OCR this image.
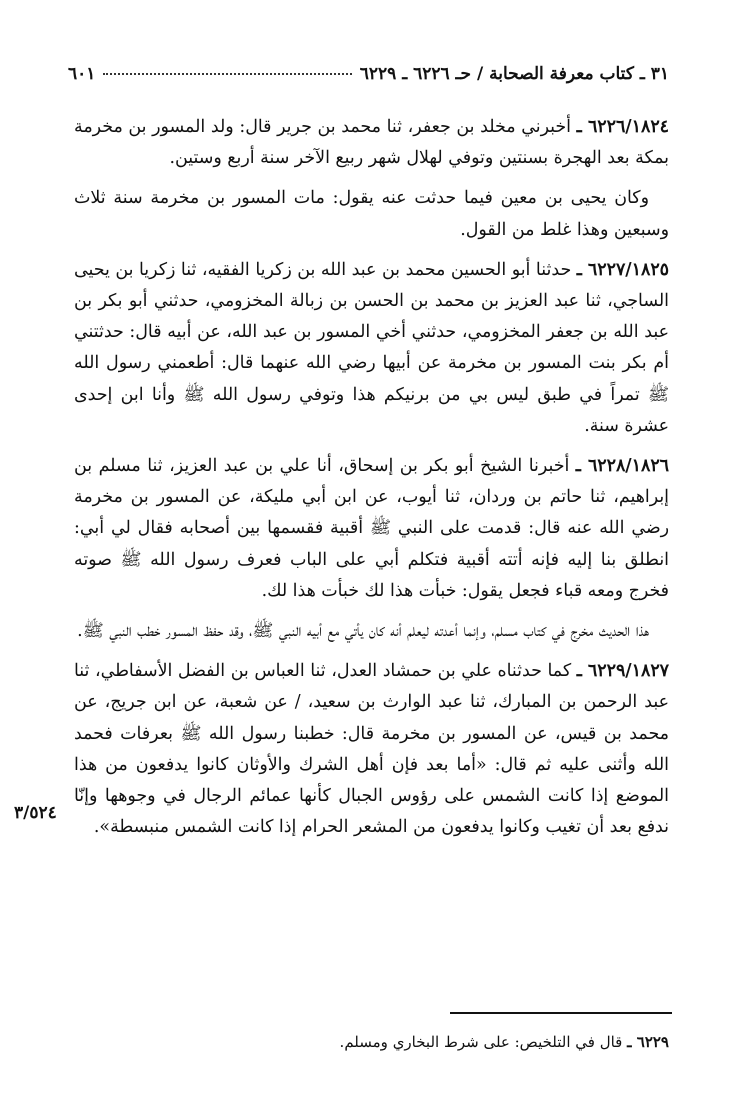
٣١ ـ كتاب معرفة الصحابة / حـ ٦٢٢٦ ـ ٦٢٢٩
٦٠١

٦٢٢٦/١٨٢٤ ـ أخبرني مخلد بن جعفر، ثنا محمد بن جرير قال: ولد المسور بن مخرمة بمكة بعد الهجرة بسنتين وتوفي لهلال شهر ربيع الآخر سنة أربع وستين.

وكان يحيى بن معين فيما حدثت عنه يقول: مات المسور بن مخرمة سنة ثلاث وسبعين وهذا غلط من القول.

٦٢٢٧/١٨٢٥ ـ حدثنا أبو الحسين محمد بن عبد الله بن زكريا الفقيه، ثنا زكريا بن يحيى الساجي، ثنا عبد العزيز بن محمد بن الحسن بن زبالة المخزومي، حدثني أبو بكر بن عبد الله بن جعفر المخزومي، حدثني أخي المسور بن عبد الله، عن أبيه قال: حدثتني أم بكر بنت المسور بن مخرمة عن أبيها رضي الله عنهما قال: أطعمني رسول الله ﷺ تمراً في طبق ليس بي من برنيكم هذا وتوفي رسول الله ﷺ وأنا ابن إحدى عشرة سنة.

٦٢٢٨/١٨٢٦ ـ أخبرنا الشيخ أبو بكر بن إسحاق، أنا علي بن عبد العزيز، ثنا مسلم بن إبراهيم، ثنا حاتم بن وردان، ثنا أيوب، عن ابن أبي مليكة، عن المسور بن مخرمة رضي الله عنه قال: قدمت على النبي ﷺ أقبية فقسمها بين أصحابه فقال لي أبي: انطلق بنا إليه فإنه أتته أقبية فتكلم أبي على الباب فعرف رسول الله ﷺ صوته فخرج ومعه قباء فجعل يقول: خبأت هذا لك خبأت هذا لك.

هذا الحديث مخرج في كتاب مسلم، وإنما أعدته ليعلم أنه كان يأتي مع أبيه النبي ﷺ، وقد حفظ المسور خطب النبي ﷺ.

٦٢٢٩/١٨٢٧ ـ كما حدثناه علي بن حمشاد العدل، ثنا العباس بن الفضل الأسفاطي، ثنا عبد الرحمن بن المبارك، ثنا عبد الوارث بن سعيد، / عن شعبة، عن ابن جريج، عن محمد بن قيس، عن المسور بن مخرمة قال: خطبنا رسول الله ﷺ بعرفات فحمد الله وأثنى عليه ثم قال: «أما بعد فإن أهل الشرك والأوثان كانوا يدفعون من هذا الموضع إذا كانت الشمس على رؤوس الجبال كأنها عمائم الرجال في وجوهها وإنّا ندفع بعد أن تغيب وكانوا يدفعون من المشعر الحرام إذا كانت الشمس منبسطة».

٣/٥٢٤
٦٢٢٩ ـ قال في التلخيص: على شرط البخاري ومسلم.
